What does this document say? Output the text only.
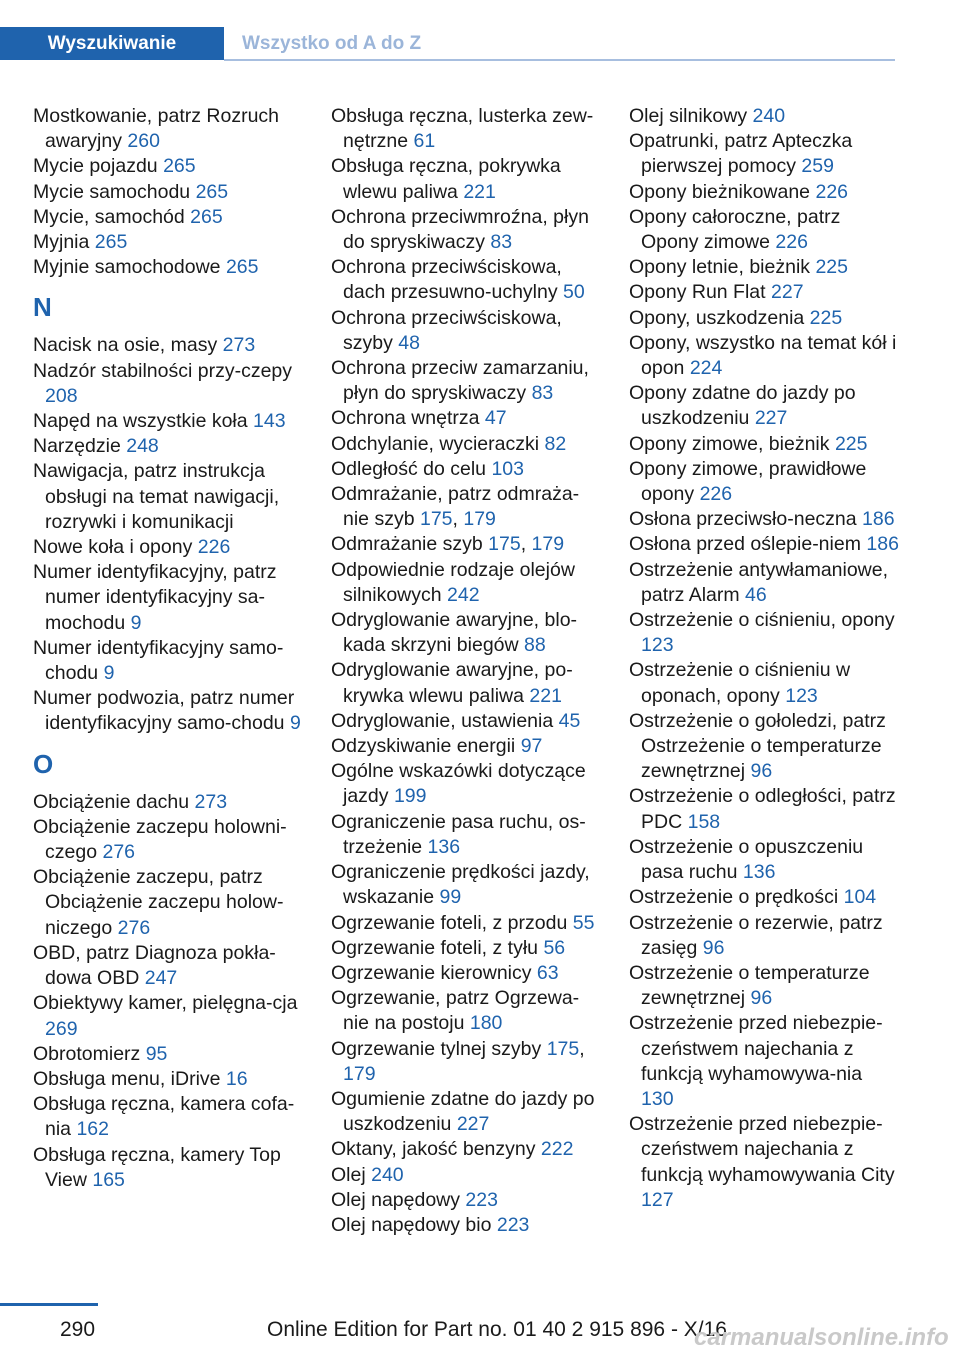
Wyszukiwanie	Wszystko od A do Z

Mostkowanie, patrz Rozruch awaryjny 260

Mycie pojazdu 265

Mycie samochodu 265

Mycie, samochód 265

Myjnia 265

Myjnie samochodowe 265

N

Nacisk na osie, masy 273

Nadzór stabilności przy-czepy 208

Napęd na wszystkie koła 143

Narzędzie 248

Nawigacja, patrz instrukcja obsługi na temat nawigacji, rozrywki i komunikacji

Nowe koła i opony 226

Numer identyfikacyjny, patrz numer identyfikacyjny sa-mochodu 9

Numer identyfikacyjny samo-chodu 9

Numer podwozia, patrz numer identyfikacyjny samo-chodu 9

O

Obciążenie dachu 273

Obciążenie zaczepu holowni-czego 276

Obciążenie zaczepu, patrz Obciążenie zaczepu holow-niczego 276

OBD, patrz Diagnoza pokła-dowa OBD 247

Obiektywy kamer, pielęgna-cja 269

Obrotomierz 95

Obsługa menu, iDrive 16

Obsługa ręczna, kamera cofa-nia 162

Obsługa ręczna, kamery Top View 165

Obsługa ręczna, lusterka zew-nętrzne 61

Obsługa ręczna, pokrywka wlewu paliwa 221

Ochrona przeciwmroźna, płyn do spryskiwaczy 83

Ochrona przeciwściskowa, dach przesuwno-uchylny 50

Ochrona przeciwściskowa, szyby 48

Ochrona przeciw zamarzaniu, płyn do spryskiwaczy 83

Ochrona wnętrza 47

Odchylanie, wycieraczki 82

Odległość do celu 103

Odmrażanie, patrz odmraża-nie szyb 175, 179

Odmrażanie szyb 175, 179

Odpowiednie rodzaje olejów silnikowych 242

Odryglowanie awaryjne, blo-kada skrzyni biegów 88

Odryglowanie awaryjne, po-krywka wlewu paliwa 221

Odryglowanie, ustawienia 45

Odzyskiwanie energii 97

Ogólne wskazówki dotyczące jazdy 199

Ograniczenie pasa ruchu, os-trzeżenie 136

Ograniczenie prędkości jazdy, wskazanie 99

Ogrzewanie foteli, z przodu 55

Ogrzewanie foteli, z tyłu 56

Ogrzewanie kierownicy 63

Ogrzewanie, patrz Ogrzewa-nie na postoju 180

Ogrzewanie tylnej szyby 175, 179

Ogumienie zdatne do jazdy po uszkodzeniu 227

Oktany, jakość benzyny 222

Olej 240

Olej napędowy 223

Olej napędowy bio 223

Olej silnikowy 240

Opatrunki, patrz Apteczka pierwszej pomocy 259

Opony bieżnikowane 226

Opony całoroczne, patrz Opony zimowe 226

Opony letnie, bieżnik 225

Opony Run Flat 227

Opony, uszkodzenia 225

Opony, wszystko na temat kół i opon 224

Opony zdatne do jazdy po uszkodzeniu 227

Opony zimowe, bieżnik 225

Opony zimowe, prawidłowe opony 226

Osłona przeciwsło-neczna 186

Osłona przed oślepie-niem 186

Ostrzeżenie antywłamaniowe, patrz Alarm 46

Ostrzeżenie o ciśnieniu, opony 123

Ostrzeżenie o ciśnieniu w oponach, opony 123

Ostrzeżenie o gołoledzi, patrz Ostrzeżenie o temperaturze zewnętrznej 96

Ostrzeżenie o odległości, patrz PDC 158

Ostrzeżenie o opuszczeniu pasa ruchu 136

Ostrzeżenie o prędkości 104

Ostrzeżenie o rezerwie, patrz zasięg 96

Ostrzeżenie o temperaturze zewnętrznej 96

Ostrzeżenie przed niebezpie-czeństwem najechania z funkcją wyhamowywa-nia 130

Ostrzeżenie przed niebezpie-czeństwem najechania z funkcją wyhamowywania City 127

290	Online Edition for Part no. 01 40 2 915 896 - X/16
carmanualsonline.info
